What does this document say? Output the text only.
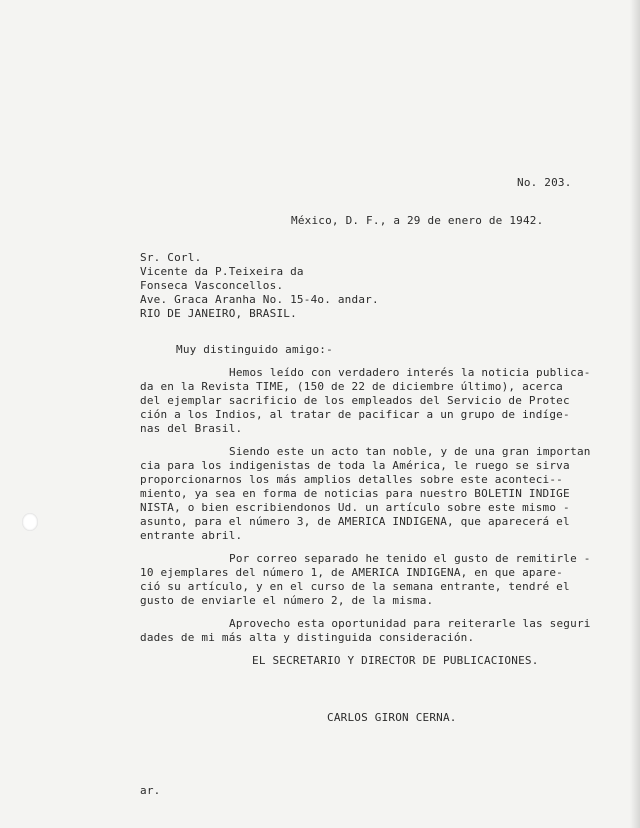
No. 203.
México, D. F., a 29 de enero de 1942.
Sr. Corl.
Vicente da P.Teixeira da
Fonseca Vasconcellos.
Ave. Graca Aranha No. 15-4o. andar.
RIO DE JANEIRO, BRASIL.
Muy distinguido amigo:-
Hemos leído con verdadero interés la noticia publica-
da en la Revista TIME, (150 de 22 de diciembre último), acerca
del ejemplar sacrificio de los empleados del Servicio de Protec
ción a los Indios, al tratar de pacificar a un grupo de indíge-
nas del Brasil.
Siendo este un acto tan noble, y de una gran importan
cia para los indigenistas de toda la América, le ruego se sirva
proporcionarnos los más amplios detalles sobre este aconteci--
miento, ya sea en forma de noticias para nuestro BOLETIN INDIGE
NISTA, o bien escribiendonos Ud. un artículo sobre este mismo -
asunto, para el número 3, de AMERICA INDIGENA, que aparecerá el
entrante abril.
Por correo separado he tenido el gusto de remitirle -
10 ejemplares del número 1, de AMERICA INDIGENA, en que apare-
ció su artículo, y en el curso de la semana entrante, tendré el
gusto de enviarle el número 2, de la misma.
Aprovecho esta oportunidad para reiterarle las seguri
dades de mi más alta y distinguida consideración.
EL SECRETARIO Y DIRECTOR DE PUBLICACIONES.
CARLOS GIRON CERNA.
ar.
